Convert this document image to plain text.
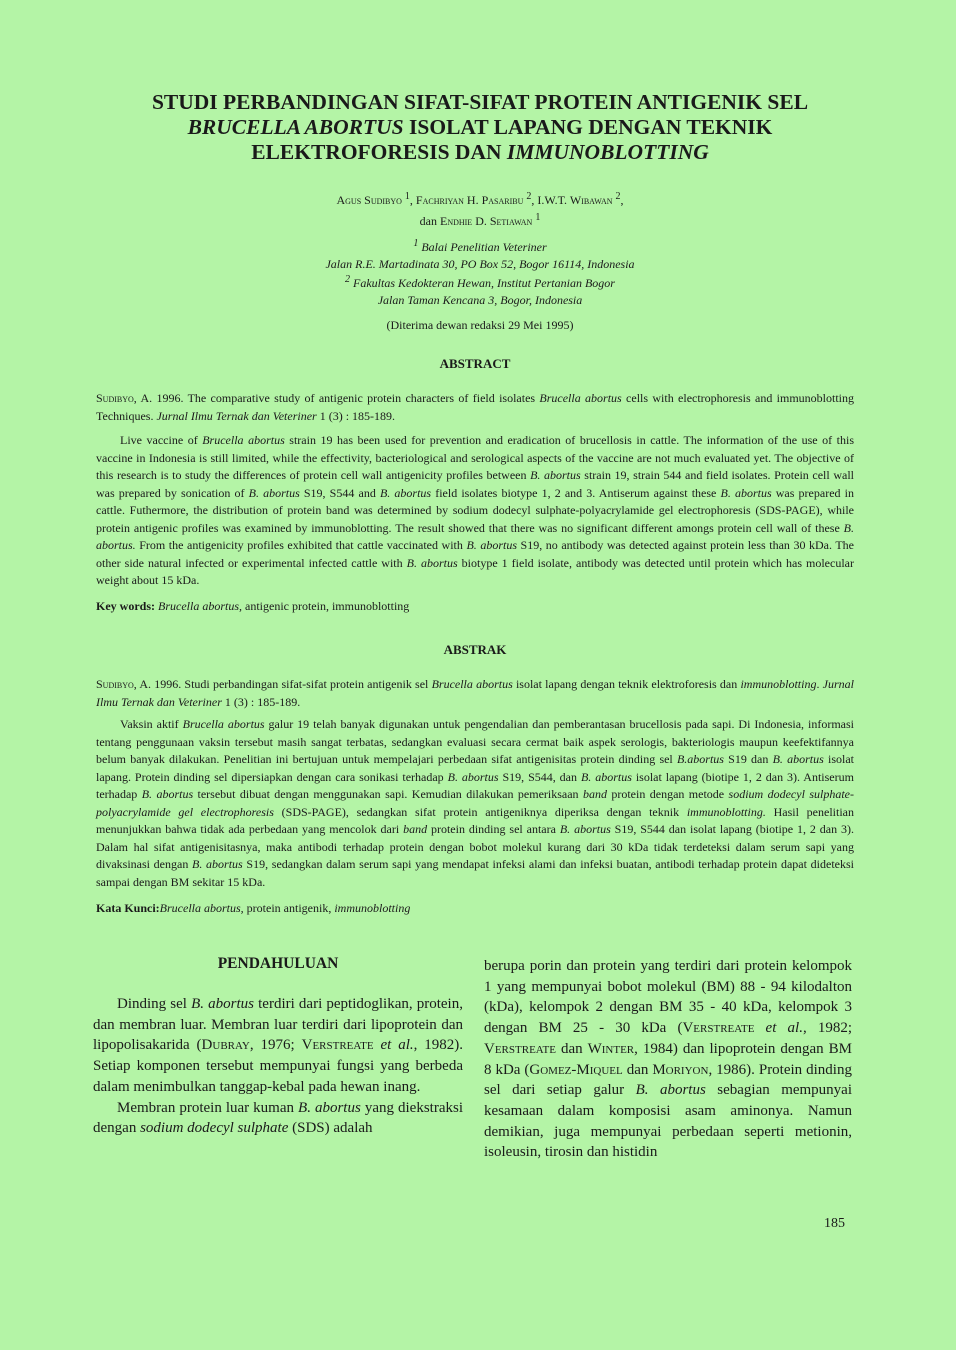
STUDI PERBANDINGAN SIFAT-SIFAT PROTEIN ANTIGENIK SEL
BRUCELLA ABORTUS ISOLAT LAPANG DENGAN TEKNIK
ELEKTROFORESIS DAN IMMUNOBLOTTING
Agus Sudibyo $^1$, Fachriyan H. Pasaribu $^2$, I.W.T. Wibawan $^2$,
dan Endhie D. Setiawan $^1$
$^1$ Balai Penelitian Veteriner
Jalan R.E. Martadinata 30, PO Box 52, Bogor 16114, Indonesia
$^2$ Fakultas Kedokteran Hewan, Institut Pertanian Bogor
Jalan Taman Kencana 3, Bogor, Indonesia
(Diterima dewan redaksi 29 Mei 1995)
ABSTRACT
Sudibyo, A. 1996. The comparative study of antigenic protein characters of field isolates Brucella abortus cells with electrophoresis and immunoblotting Techniques. Jurnal Ilmu Ternak dan Veteriner 1 (3) : 185-189.
Live vaccine of Brucella abortus strain 19 has been used for prevention and eradication of brucellosis in cattle. The information of the use of this vaccine in Indonesia is still limited, while the effectivity, bacteriological and serological aspects of the vaccine are not much evaluated yet. The objective of this research is to study the differences of protein cell wall antigenicity profiles between B. abortus strain 19, strain 544 and field isolates. Protein cell wall was prepared by sonication of B. abortus S19, S544 and B. abortus field isolates biotype 1, 2 and 3. Antiserum against these B. abortus was prepared in cattle. Futhermore, the distribution of protein band was determined by sodium dodecyl sulphate-polyacrylamide gel electrophoresis (SDS-PAGE), while protein antigenic profiles was examined by immunoblotting. The result showed that there was no significant different amongs protein cell wall of these B. abortus. From the antigenicity profiles exhibited that cattle vaccinated with B. abortus S19, no antibody was detected against protein less than 30 kDa. The other side natural infected or experimental infected cattle with B. abortus biotype 1 field isolate, antibody was detected until protein which has molecular weight about 15 kDa.
Key words: Brucella abortus, antigenic protein, immunoblotting
ABSTRAK
Sudibyo, A. 1996. Studi perbandingan sifat-sifat protein antigenik sel Brucella abortus isolat lapang dengan teknik elektroforesis dan immunoblotting. Jurnal Ilmu Ternak dan Veteriner 1 (3) : 185-189.
Vaksin aktif Brucella abortus galur 19 telah banyak digunakan untuk pengendalian dan pemberantasan brucellosis pada sapi. Di Indonesia, informasi tentang penggunaan vaksin tersebut masih sangat terbatas, sedangkan evaluasi secara cermat baik aspek serologis, bakteriologis maupun keefektifannya belum banyak dilakukan. Penelitian ini bertujuan untuk mempelajari perbedaan sifat antigenisitas protein dinding sel B.abortus S19 dan B. abortus isolat lapang. Protein dinding sel dipersiapkan dengan cara sonikasi terhadap B. abortus S19, S544, dan B. abortus isolat lapang (biotipe 1, 2 dan 3). Antiserum terhadap B. abortus tersebut dibuat dengan menggunakan sapi. Kemudian dilakukan pemeriksaan band protein dengan metode sodium dodecyl sulphate-polyacrylamide gel electrophoresis (SDS-PAGE), sedangkan sifat protein antigeniknya diperiksa dengan teknik immunoblotting. Hasil penelitian menunjukkan bahwa tidak ada perbedaan yang mencolok dari band protein dinding sel antara B. abortus S19, S544 dan isolat lapang (biotipe 1, 2 dan 3). Dalam hal sifat antigenisitasnya, maka antibodi terhadap protein dengan bobot molekul kurang dari 30 kDa tidak terdeteksi dalam serum sapi yang divaksinasi dengan B. abortus S19, sedangkan dalam serum sapi yang mendapat infeksi alami dan infeksi buatan, antibodi terhadap protein dapat dideteksi sampai dengan BM sekitar 15 kDa.
Kata Kunci:Brucella abortus, protein antigenik, immunoblotting
PENDAHULUAN
Dinding sel B. abortus terdiri dari peptidoglikan, protein, dan membran luar. Membran luar terdiri dari lipoprotein dan lipopolisakarida (Dubray, 1976; Verstreate et al., 1982). Setiap komponen tersebut mempunyai fungsi yang berbeda dalam menimbulkan tanggap-kebal pada hewan inang.
Membran protein luar kuman B. abortus yang diekstraksi dengan sodium dodecyl sulphate (SDS) adalah
berupa porin dan protein yang terdiri dari protein kelompok 1 yang mempunyai bobot molekul (BM) 88 - 94 kilodalton (kDa), kelompok 2 dengan BM 35 - 40 kDa, kelompok 3 dengan BM 25 - 30 kDa (Verstreate et al., 1982; Verstreate dan Winter, 1984) dan lipoprotein dengan BM 8 kDa (Gomez-Miquel dan Moriyon, 1986). Protein dinding sel dari setiap galur B. abortus sebagian mempunyai kesamaan dalam komposisi asam aminonya. Namun demikian, juga mempunyai perbedaan seperti metionin, isoleusin, tirosin dan histidin
185
